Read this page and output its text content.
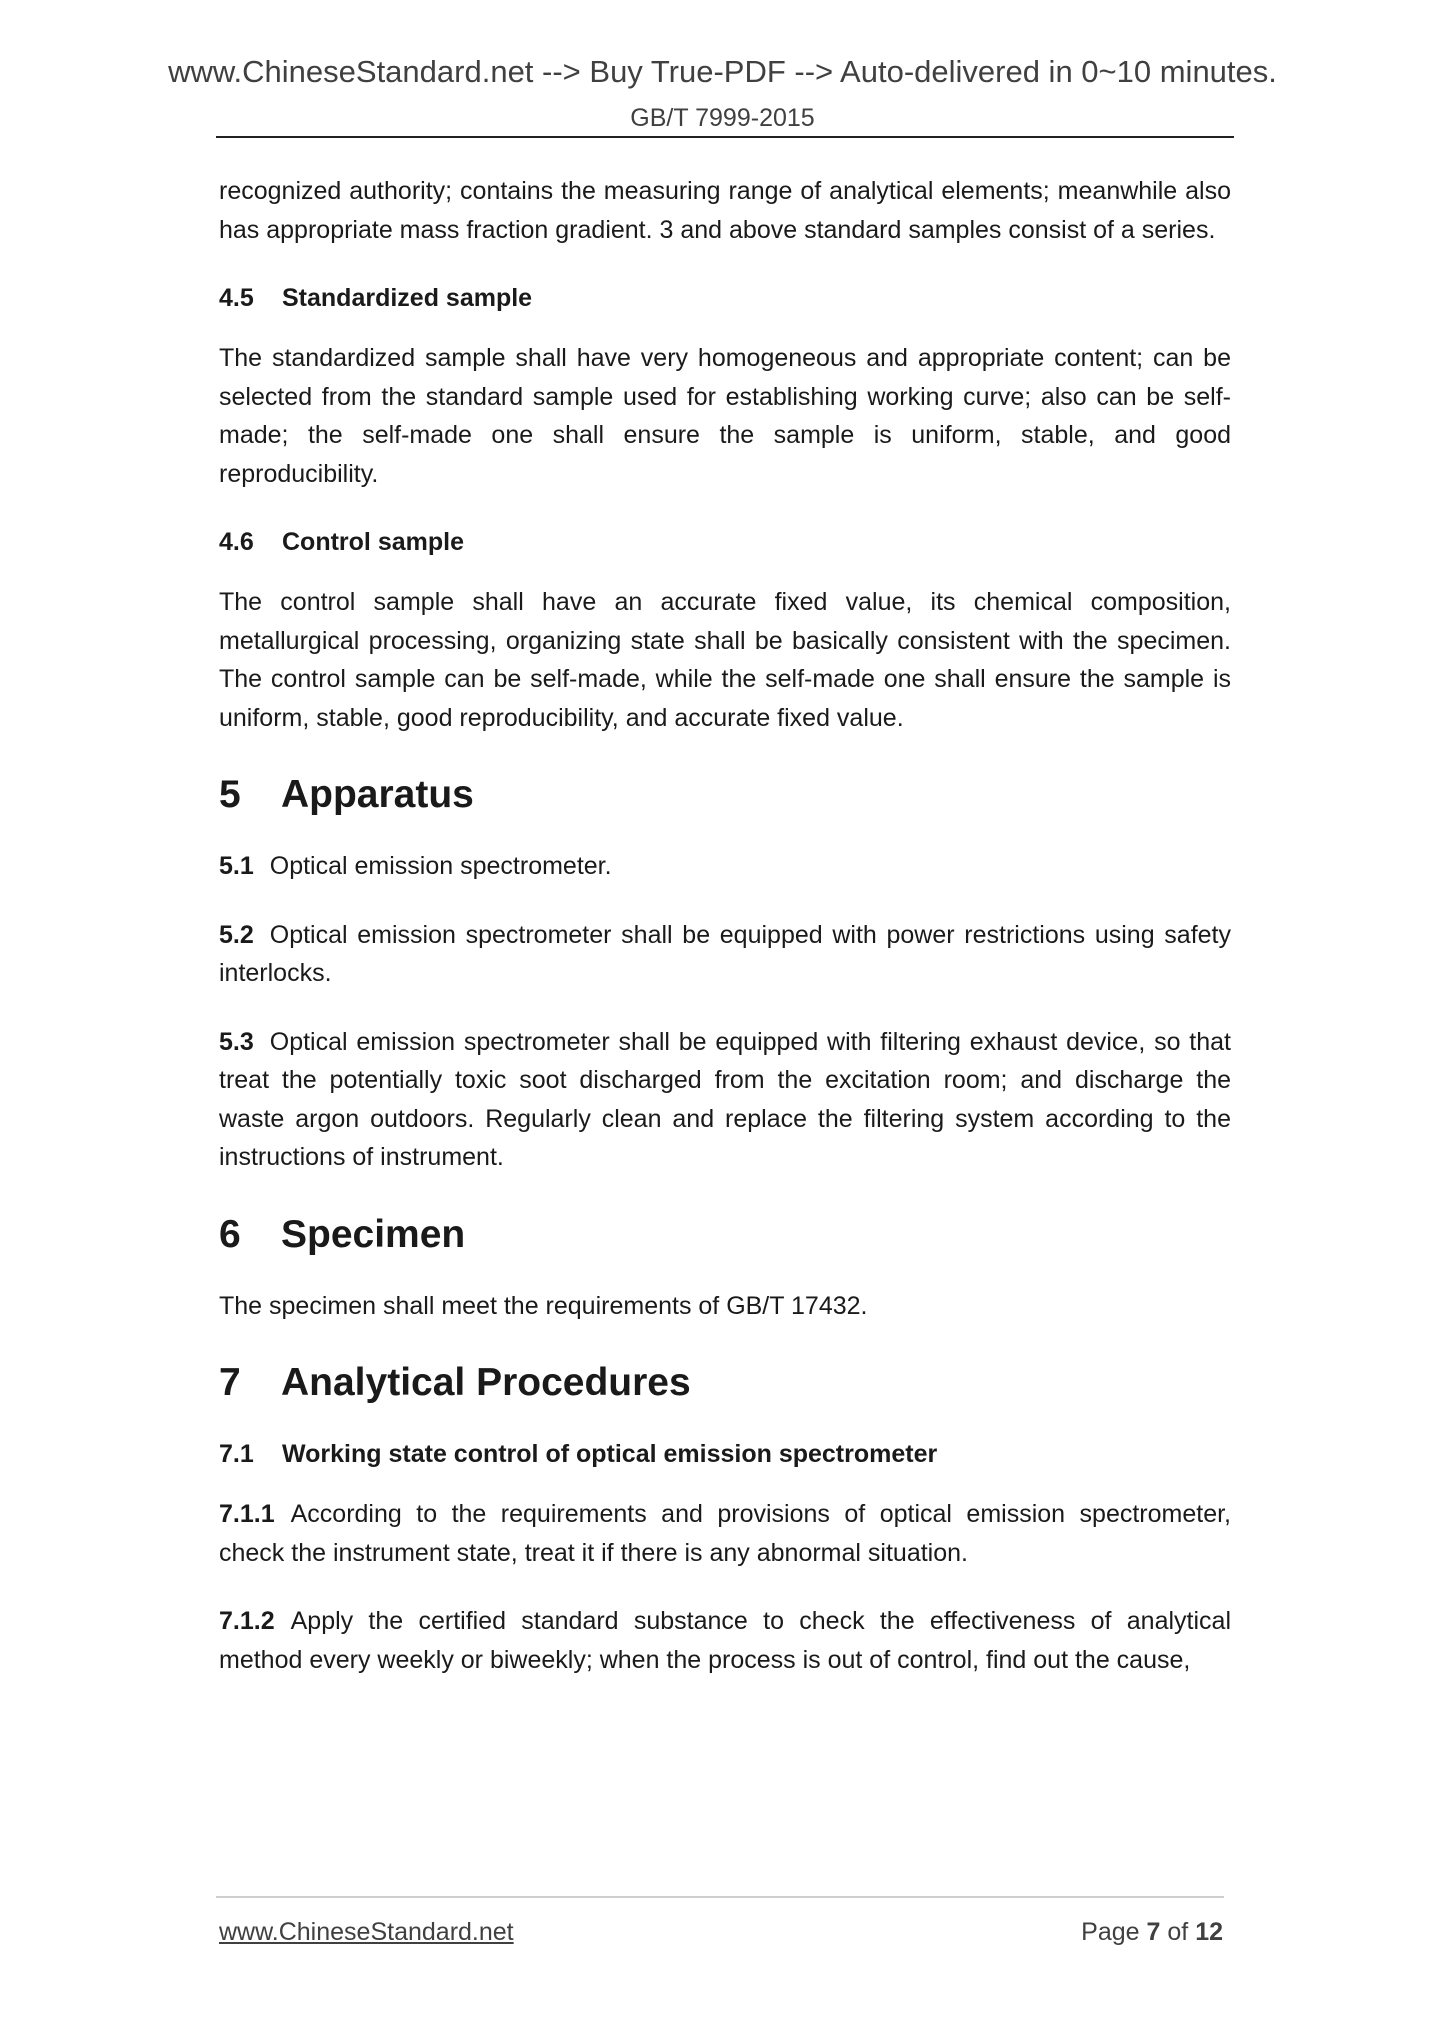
www.ChineseStandard.net --> Buy True-PDF --> Auto-delivered in 0~10 minutes.
GB/T 7999-2015

recognized authority; contains the measuring range of analytical elements; meanwhile also has appropriate mass fraction gradient. 3 and above standard samples consist of a series.

4.5 Standardized sample

The standardized sample shall have very homogeneous and appropriate content; can be selected from the standard sample used for establishing working curve; also can be self-made; the self-made one shall ensure the sample is uniform, stable, and good reproducibility.

4.6 Control sample

The control sample shall have an accurate fixed value, its chemical composition, metallurgical processing, organizing state shall be basically consistent with the specimen. The control sample can be self-made, while the self-made one shall ensure the sample is uniform, stable, good reproducibility, and accurate fixed value.

5 Apparatus

5.1 Optical emission spectrometer.

5.2 Optical emission spectrometer shall be equipped with power restrictions using safety interlocks.

5.3 Optical emission spectrometer shall be equipped with filtering exhaust device, so that treat the potentially toxic soot discharged from the excitation room; and discharge the waste argon outdoors. Regularly clean and replace the filtering system according to the instructions of instrument.

6 Specimen

The specimen shall meet the requirements of GB/T 17432.

7 Analytical Procedures
7.1 Working state control of optical emission spectrometer

7.1.1 According to the requirements and provisions of optical emission spectrometer, check the instrument state, treat it if there is any abnormal situation.

7.1.2 Apply the certified standard substance to check the effectiveness of analytical method every weekly or biweekly; when the process is out of control, find out the cause,

www.ChineseStandard.net	Page 7 of 12
